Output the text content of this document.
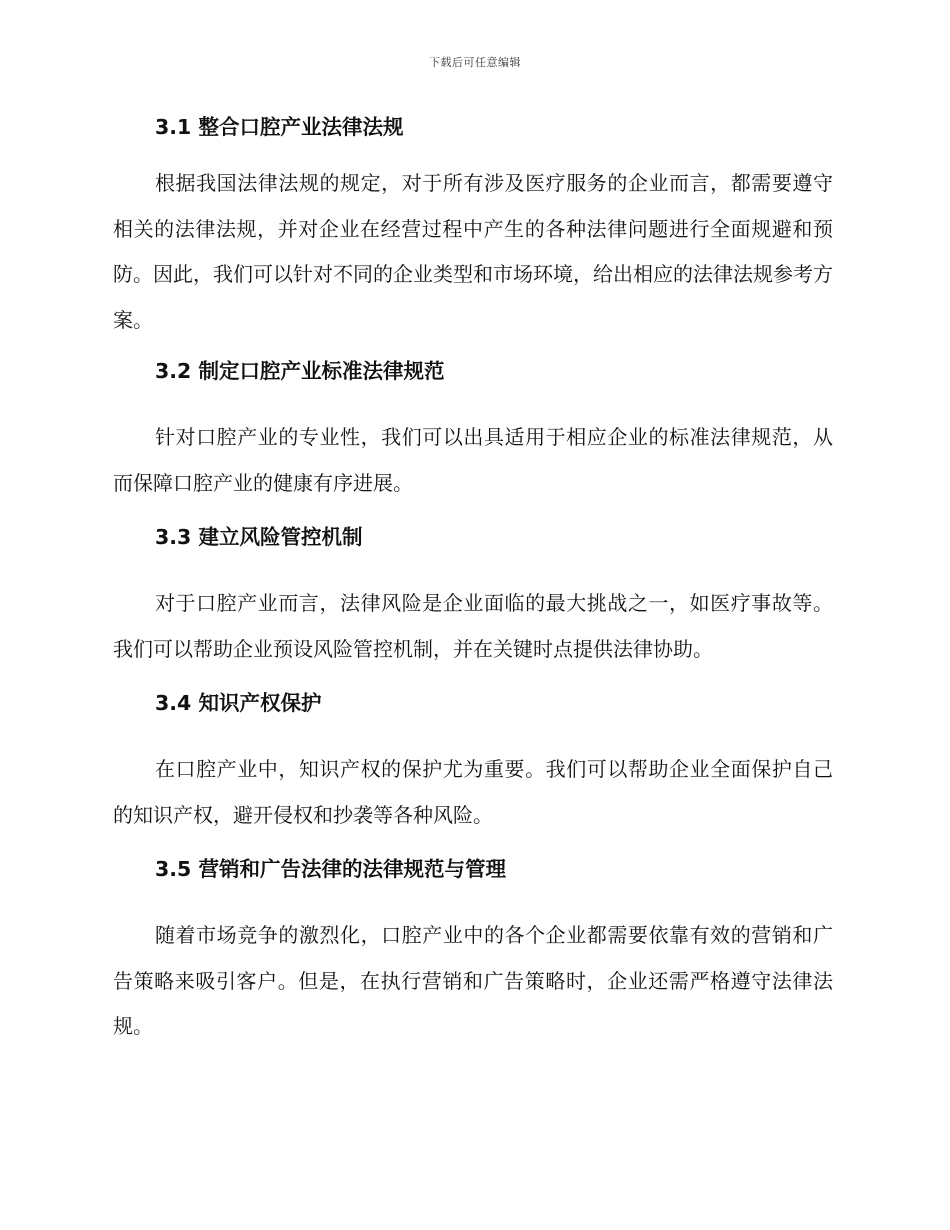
下载后可任意编辑
3.1 整合口腔产业法律法规

根据我国法律法规的规定，对于所有涉及医疗服务的企业而言，都需要遵守相关的法律法规，并对企业在经营过程中产生的各种法律问题进行全面规避和预防。因此，我们可以针对不同的企业类型和市场环境，给出相应的法律法规参考方案。

3.2 制定口腔产业标准法律规范

针对口腔产业的专业性，我们可以出具适用于相应企业的标准法律规范，从而保障口腔产业的健康有序进展。

3.3 建立风险管控机制

对于口腔产业而言，法律风险是企业面临的最大挑战之一，如医疗事故等。我们可以帮助企业预设风险管控机制，并在关键时点提供法律协助。

3.4 知识产权保护

在口腔产业中，知识产权的保护尤为重要。我们可以帮助企业全面保护自己的知识产权，避开侵权和抄袭等各种风险。

3.5 营销和广告法律的法律规范与管理

随着市场竞争的激烈化，口腔产业中的各个企业都需要依靠有效的营销和广告策略来吸引客户。但是，在执行营销和广告策略时，企业还需严格遵守法律法规。
